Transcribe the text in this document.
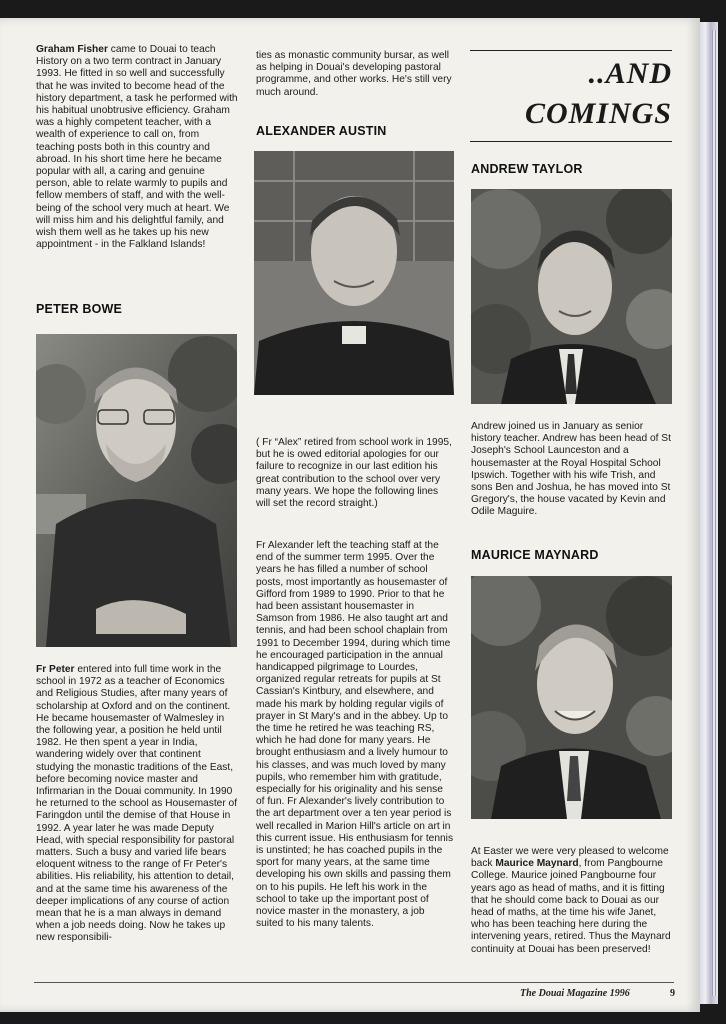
Graham Fisher came to Douai to teach History on a two term contract in January 1993. He fitted in so well and successfully that he was invited to become head of the history department, a task he performed with his habitual unobtrusive efficiency. Graham was a highly competent teacher, with a wealth of experience to call on, from teaching posts both in this country and abroad. In his short time here he became popular with all, a caring and genuine person, able to relate warmly to pupils and fellow members of staff, and with the well-being of the school very much at heart. We will miss him and his delightful family, and wish them well as he takes up his new appointment - in the Falkland Islands!

PETER BOWE

Fr Peter entered into full time work in the school in 1972 as a teacher of Economics and Religious Studies, after many years of scholarship at Oxford and on the continent. He became housemaster of Walmesley in the following year, a position he held until 1982. He then spent a year in India, wandering widely over that continent studying the monastic traditions of the East, before becoming novice master and Infirmarian in the Douai community. In 1990 he returned to the school as Housemaster of Faringdon until the demise of that House in 1992. A year later he was made Deputy Head, with special responsibility for pastoral matters. Such a busy and varied life bears eloquent witness to the range of Fr Peter's abilities. His reliability, his attention to detail, and at the same time his awareness of the deeper implications of any course of action mean that he is a man always in demand when a job needs doing. Now he takes up new responsibili-

ties as monastic community bursar, as well as helping in Douai's developing pastoral programme, and other works. He's still very much around.

ALEXANDER AUSTIN

( Fr “Alex” retired from school work in 1995, but he is owed editorial apologies for our failure to recognize in our last edition his great contribution to the school over very many years. We hope the following lines will set the record straight.)

Fr Alexander left the teaching staff at the end of the summer term 1995. Over the years he has filled a number of school posts, most importantly as housemaster of Gifford from 1989 to 1990. Prior to that he had been assistant housemaster in Samson from 1986. He also taught art and tennis, and had been school chaplain from 1991 to December 1994, during which time he encouraged participation in the annual handicapped pilgrimage to Lourdes, organized regular retreats for pupils at St Cassian's Kintbury, and elsewhere, and made his mark by holding regular vigils of prayer in St Mary's and in the abbey. Up to the time he retired he was teaching RS, which he had done for many years. He brought enthusiasm and a lively humour to his classes, and was much loved by many pupils, who remember him with gratitude, especially for his originality and his sense of fun. Fr Alexander's lively contribution to the art department over a ten year period is well recalled in Marion Hill's article on art in this current issue. His enthusiasm for tennis is unstinted; he has coached pupils in the sport for many years, at the same time developing his own skills and passing them on to his pupils. He left his work in the school to take up the important post of novice master in the monastery, a job suited to his many talents.

..AND
COMINGS
ANDREW TAYLOR

Andrew joined us in January as senior history teacher. Andrew has been head of St Joseph's School Launceston and a housemaster at the Royal Hospital School Ipswich. Together with his wife Trish, and sons Ben and Joshua, he has moved into St Gregory's, the house vacated by Kevin and Odile Maguire.

MAURICE MAYNARD

At Easter we were very pleased to welcome back Maurice Maynard, from Pangbourne College. Maurice joined Pangbourne four years ago as head of maths, and it is fitting that he should come back to Douai as our head of maths, at the time his wife Janet, who has been teaching here during the intervening years, retired. Thus the Maynard continuity at Douai has been preserved!

The Douai Magazine 1996	9
